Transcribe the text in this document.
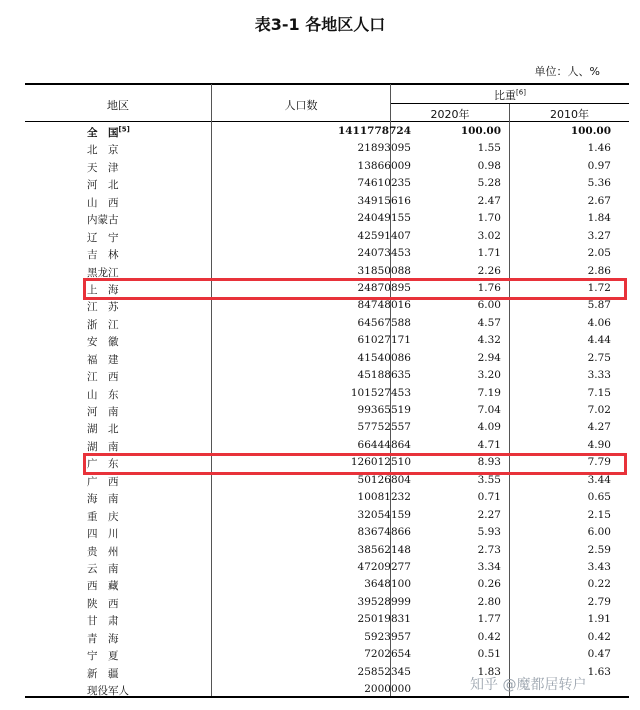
表3-1 各地区人口
单位：人、%
地区	人口数
比重[6]
2020年	2010年
全　国[5]	1411778724	100.00	100.00
北　京	21893095	1.55	1.46
天　津	13866009	0.98	0.97
河　北	74610235	5.28	5.36
山　西	34915616	2.47	2.67
内蒙古	24049155	1.70	1.84
辽　宁	42591407	3.02	3.27
吉　林	24073453	1.71	2.05
黑龙江	31850088	2.26	2.86
上　海	24870895	1.76	1.72
江　苏	84748016	6.00	5.87
浙　江	64567588	4.57	4.06
安　徽	61027171	4.32	4.44
福　建	41540086	2.94	2.75
江　西	45188635	3.20	3.33
山　东	101527453	7.19	7.15
河　南	99365519	7.04	7.02
湖　北	57752557	4.09	4.27
湖　南	66444864	4.71	4.90
广　东	126012510	8.93	7.79
广　西	50126804	3.55	3.44
海　南	10081232	0.71	0.65
重　庆	32054159	2.27	2.15
四　川	83674866	5.93	6.00
贵　州	38562148	2.73	2.59
云　南	47209277	3.34	3.43
西　藏	3648100	0.26	0.22
陕　西	39528999	2.80	2.79
甘　肃	25019831	1.77	1.91
青　海	5923957	0.42	0.42
宁　夏	7202654	0.51	0.47
新　疆	25852345	1.83	1.63
现役军人	2000000	知乎 @魔都居转户
